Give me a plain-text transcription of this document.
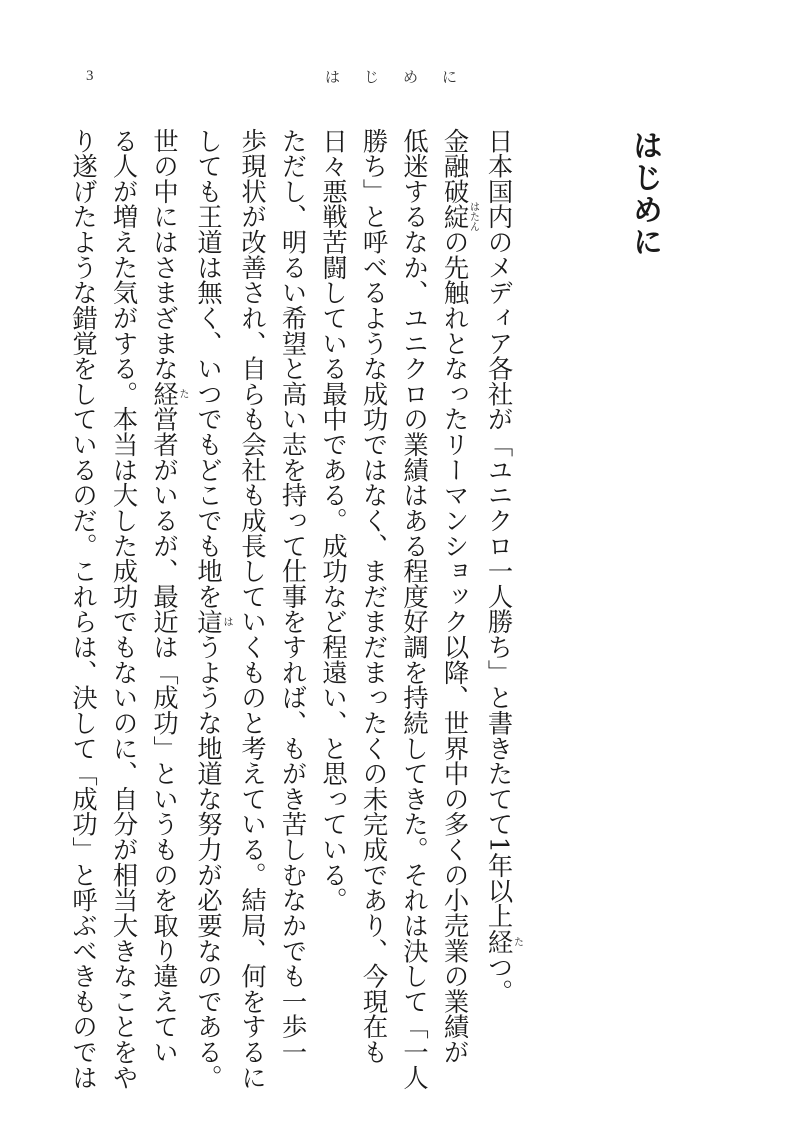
3	はじめに
はじめに
日本国内のメディア各社が「ユニクロ一人勝ち」と書きたてて1年以上経たつ。
金融破綻はたんの先触れとなったリーマンショック以降、世界中の多くの小売業の業績が
低迷するなか、ユニクロの業績はある程度好調を持続してきた。それは決して「一人
勝ち」と呼べるような成功ではなく、まだまだまったくの未完成であり、今現在も
日々悪戦苦闘している最中である。成功など程遠い、と思っている。
ただし、明るい希望と高い志を持って仕事をすれば、もがき苦しむなかでも一歩一
歩現状が改善され、自らも会社も成長していくものと考えている。結局、何をするに
しても王道は無く、いつでもどこでも地を這はうような地道な努力が必要なのである。
世の中にはさまざまな経た営者がいるが、最近は「成功」というものを取り違えてい
る人が増えた気がする。本当は大した成功でもないのに、自分が相当大きなことをや
り遂げたような錯覚をしているのだ。これらは、決して「成功」と呼ぶべきものでは
